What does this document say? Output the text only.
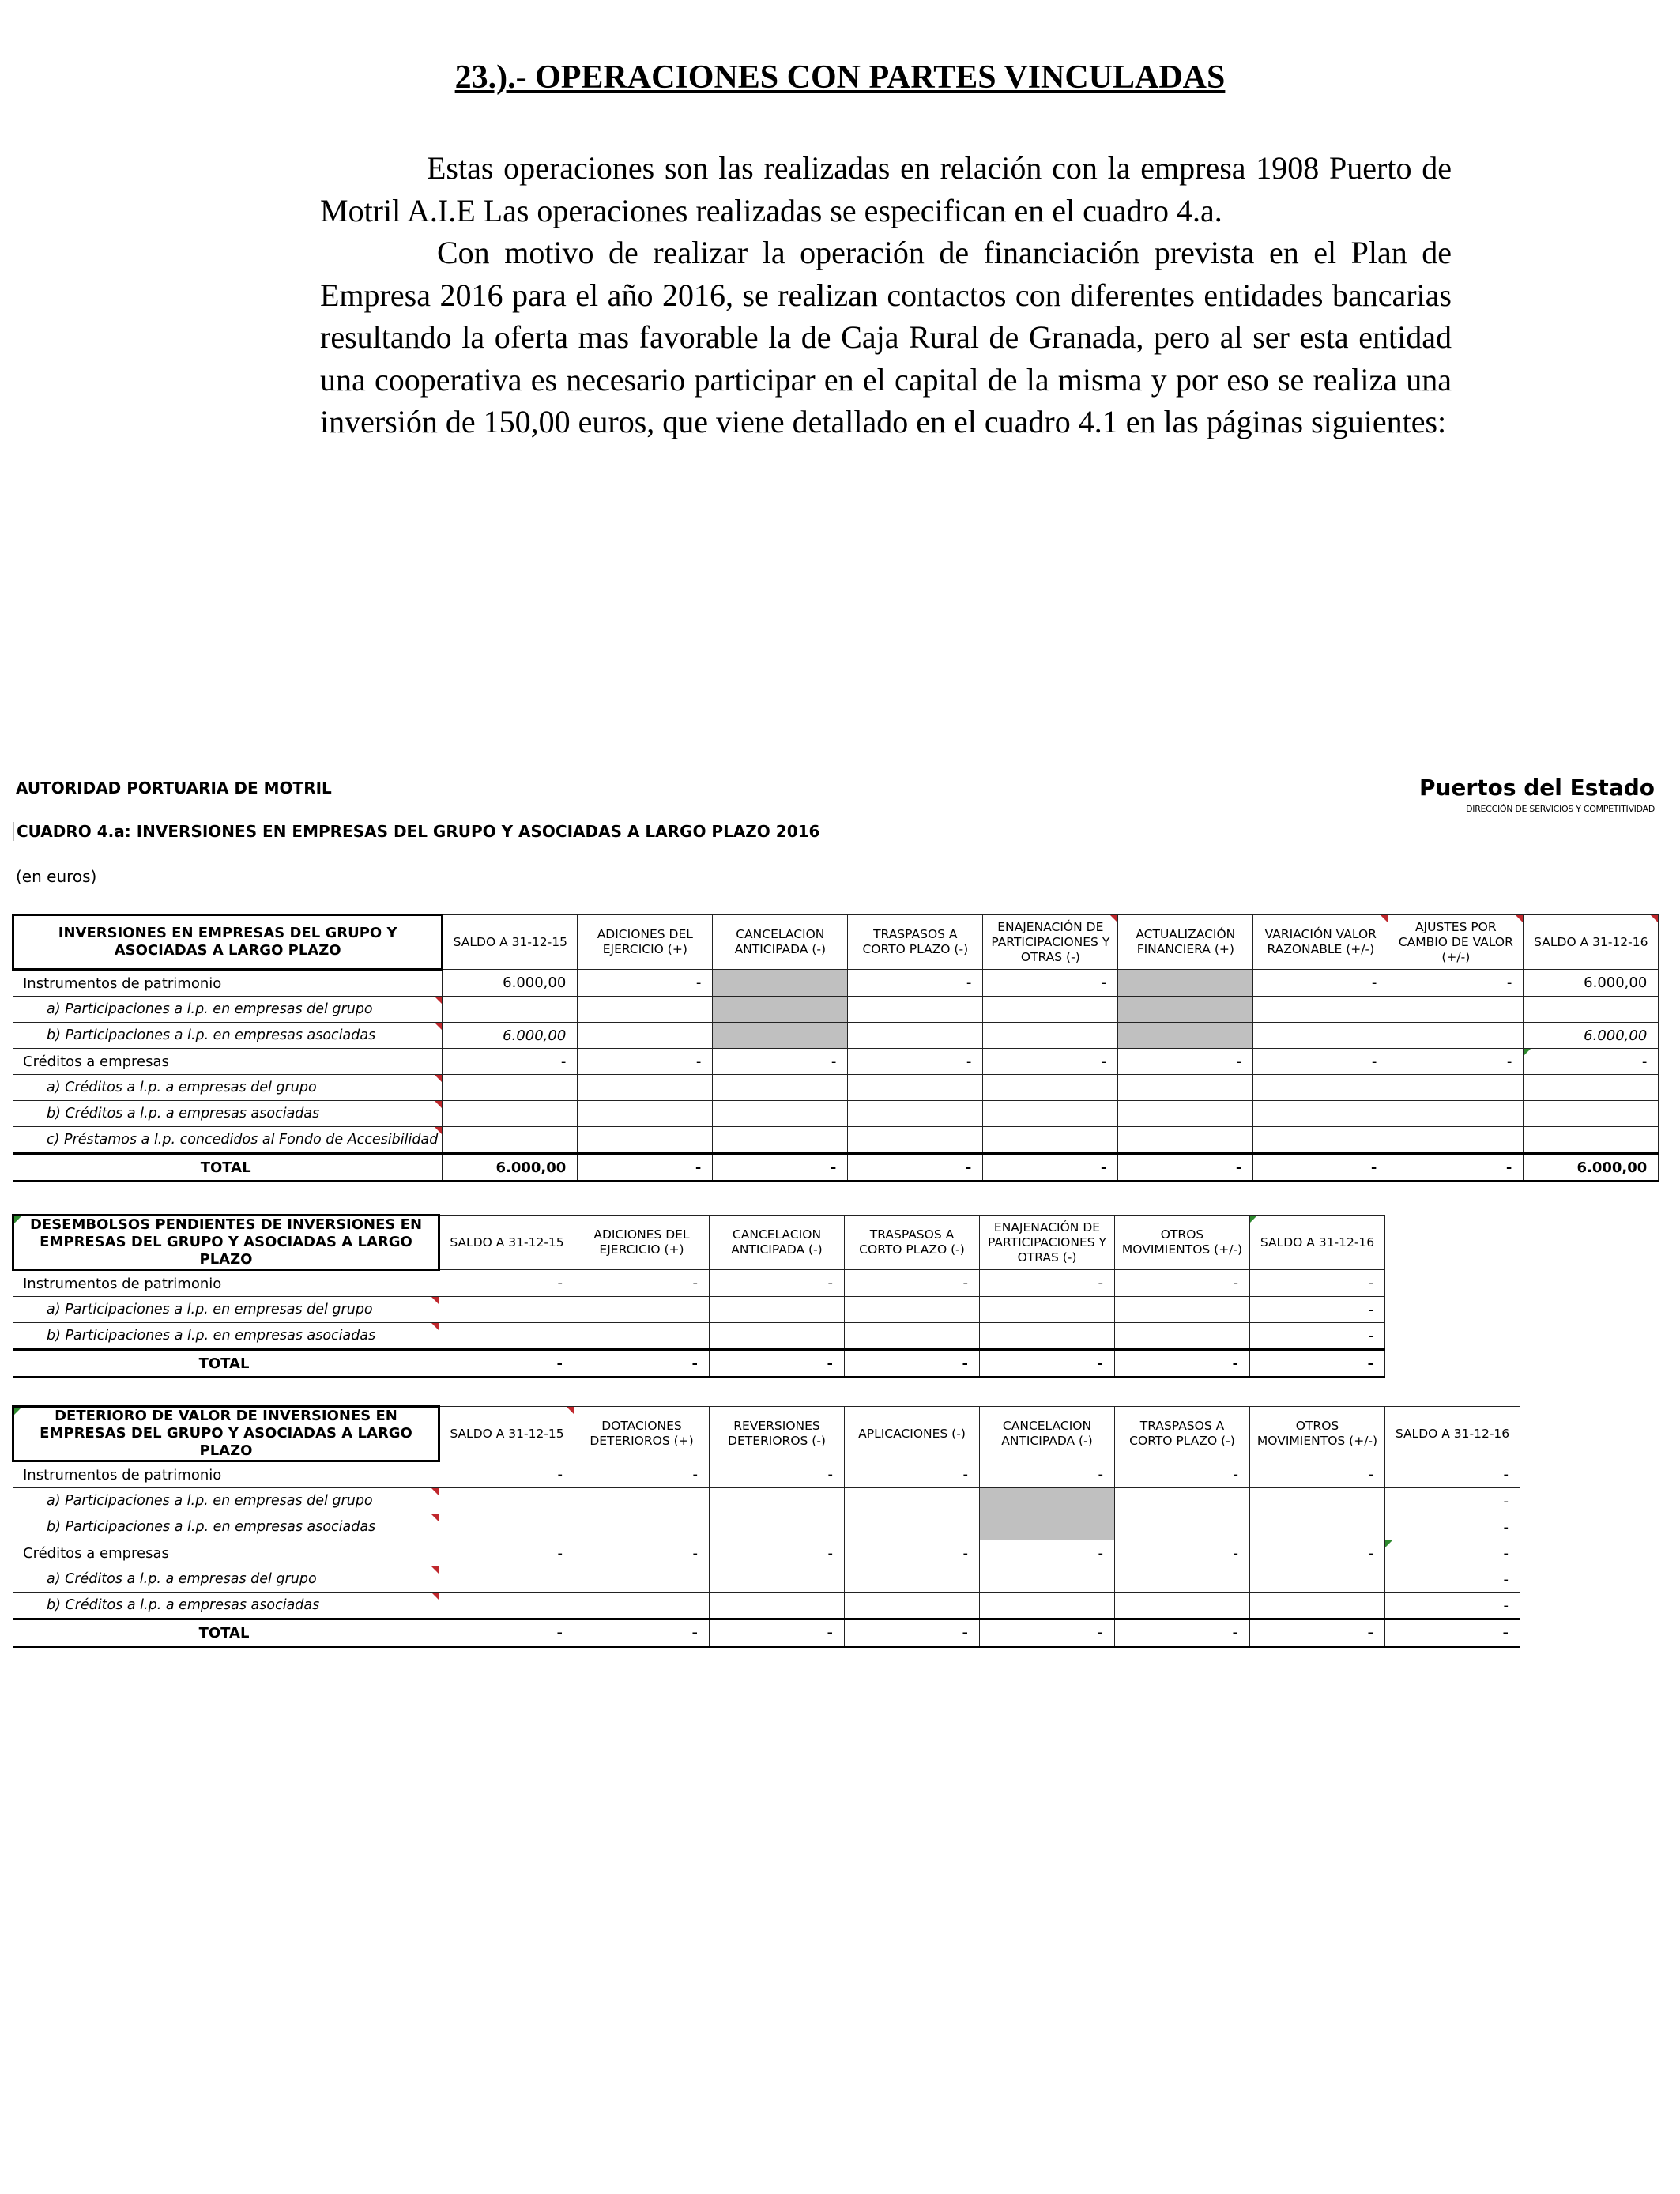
23.).- OPERACIONES CON PARTES VINCULADAS

Estas operaciones son las realizadas en relación con la empresa 1908 Puerto de Motril A.I.E Las operaciones realizadas se especifican en el cuadro 4.a.

Con motivo de realizar la operación de financiación prevista en el Plan de Empresa 2016 para el año 2016, se realizan contactos con diferentes entidades bancarias resultando la oferta mas favorable la de Caja Rural de Granada, pero al ser esta entidad una cooperativa es necesario participar en el capital de la misma y por eso se realiza una inversión de 150,00 euros, que viene detallado en el cuadro 4.1 en las páginas siguientes:

AUTORIDAD PORTUARIA DE MOTRIL	Puertos del Estado
DIRECCIÓN DE SERVICIOS Y COMPETITIVIDAD
CUADRO 4.a: INVERSIONES EN EMPRESAS DEL GRUPO Y ASOCIADAS A LARGO PLAZO 2016
(en euros)
INVERSIONES EN EMPRESAS DEL GRUPO Y ASOCIADAS A LARGO PLAZO	SALDO A 31-12-15	ADICIONES DEL EJERCICIO (+)	CANCELACION ANTICIPADA (-)	TRASPASOS A CORTO PLAZO (-)	ENAJENACIÓN DE PARTICIPACIONES Y OTRAS (-)	ACTUALIZACIÓN FINANCIERA (+)	VARIACIÓN VALOR RAZONABLE (+/-)	AJUSTES POR CAMBIO DE VALOR (+/-)	SALDO A 31-12-16
Instrumentos de patrimonio	6.000,00	-		-	-		-	-	6.000,00
a) Participaciones a l.p. en empresas del grupo									
b) Participaciones a l.p. en empresas asociadas	6.000,00								6.000,00
Créditos a empresas	-	-	-	-	-	-	-	-	-
a) Créditos a l.p. a empresas del grupo									
b) Créditos a l.p. a empresas asociadas									
c) Préstamos a l.p. concedidos al Fondo de Accesibilidad									
TOTAL	6.000,00	-	-	-	-	-	-	-	6.000,00
DESEMBOLSOS PENDIENTES DE INVERSIONES EN EMPRESAS DEL GRUPO Y ASOCIADAS A LARGO PLAZO	SALDO A 31-12-15	ADICIONES DEL EJERCICIO (+)	CANCELACION ANTICIPADA (-)	TRASPASOS A CORTO PLAZO (-)	ENAJENACIÓN DE PARTICIPACIONES Y OTRAS (-)	OTROS MOVIMIENTOS (+/-)	SALDO A 31-12-16
Instrumentos de patrimonio	-	-	-	-	-	-	-
a) Participaciones a l.p. en empresas del grupo							-
b) Participaciones a l.p. en empresas asociadas							-
TOTAL	-	-	-	-	-	-	-
DETERIORO DE VALOR DE INVERSIONES EN EMPRESAS DEL GRUPO Y ASOCIADAS A LARGO PLAZO	SALDO A 31-12-15	DOTACIONES DETERIOROS (+)	REVERSIONES DETERIOROS (-)	APLICACIONES (-)	CANCELACION ANTICIPADA (-)	TRASPASOS A CORTO PLAZO (-)	OTROS MOVIMIENTOS (+/-)	SALDO A 31-12-16
Instrumentos de patrimonio	-	-	-	-	-	-	-	-
a) Participaciones a l.p. en empresas del grupo								-
b) Participaciones a l.p. en empresas asociadas								-
Créditos a empresas	-	-	-	-	-	-	-	-
a) Créditos a l.p. a empresas del grupo								-
b) Créditos a l.p. a empresas asociadas								-
TOTAL	-	-	-	-	-	-	-	-
